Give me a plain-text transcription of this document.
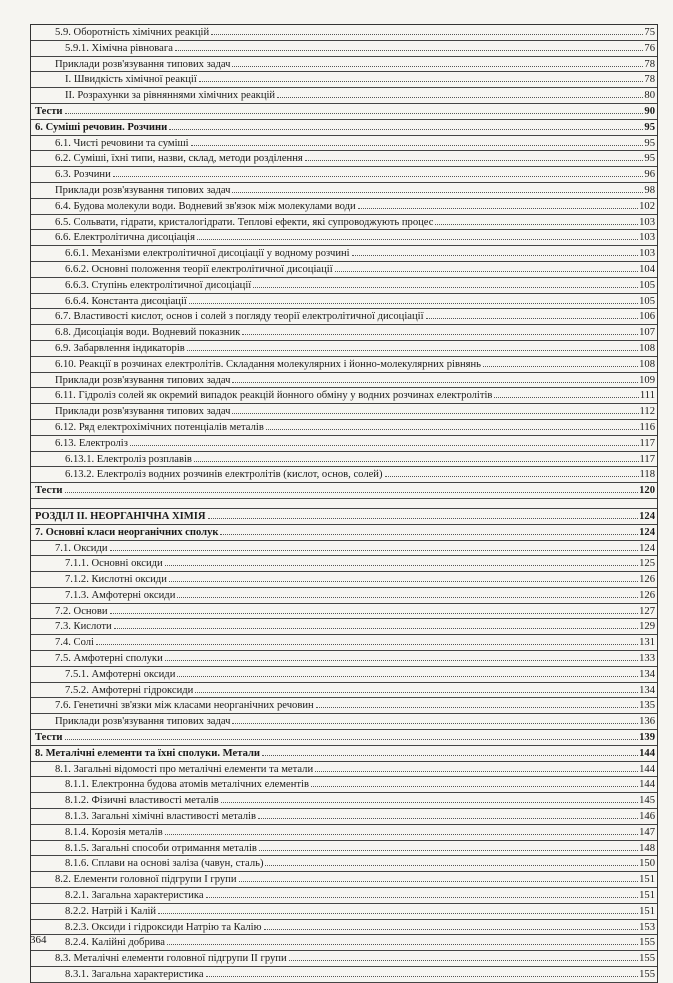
5.9. Оборотність хімічних реакцій	75
5.9.1. Хімічна рівновага	76
Приклади розв'язування типових задач	78
I. Швидкість хімічної реакції	78
II. Розрахунки за рівняннями хімічних реакцій	80
Тести	90
6. Суміші речовин. Розчини	95
6.1. Чисті речовини та суміші	95
6.2. Суміші, їхні типи, назви, склад, методи розділення	95
6.3. Розчини	96
Приклади розв'язування типових задач	98
6.4. Будова молекули води. Водневий зв'язок між молекулами води	102
6.5. Сольвати, гідрати, кристалогідрати. Теплові ефекти, які супроводжують процес	103
6.6. Електролітична дисоціація	103
6.6.1. Механізми електролітичної дисоціації у водному розчині	103
6.6.2. Основні положення теорії електролітичної дисоціації	104
6.6.3. Ступінь електролітичної дисоціації	105
6.6.4. Константа дисоціації	105
6.7. Властивості кислот, основ і солей з погляду теорії електролітичної дисоціації	106
6.8. Дисоціація води. Водневий показник	107
6.9. Забарвлення індикаторів	108
6.10. Реакції в розчинах електролітів. Складання молекулярних і йонно-молекулярних рівнянь	108
Приклади розв'язування типових задач	109
6.11. Гідроліз солей як окремий випадок реакцій йонного обміну у водних розчинах електролітів	111
Приклади розв'язування типових задач	112
6.12. Ряд електрохімічних потенціалів металів	116
6.13. Електроліз	117
6.13.1. Електроліз розплавів	117
6.13.2. Електроліз водних розчинів електролітів (кислот, основ, солей)	118
Тести	120
РОЗДІЛ II. НЕОРГАНІЧНА ХІМІЯ	124
7. Основні класи неорганічних сполук	124
7.1. Оксиди	124
7.1.1. Основні оксиди	125
7.1.2. Кислотні оксиди	126
7.1.3. Амфотерні оксиди	126
7.2. Основи	127
7.3. Кислоти	129
7.4. Солі	131
7.5. Амфотерні сполуки	133
7.5.1. Амфотерні оксиди	134
7.5.2. Амфотерні гідроксиди	134
7.6. Генетичні зв'язки між класами неорганічних речовин	135
Приклади розв'язування типових задач	136
Тести	139
8. Металічні елементи та їхні сполуки. Метали	144
8.1. Загальні відомості про металічні елементи та метали	144
8.1.1. Електронна будова атомів металічних елементів	144
8.1.2. Фізичні властивості металів	145
8.1.3. Загальні хімічні властивості металів	146
8.1.4. Корозія металів	147
8.1.5. Загальні способи отримання металів	148
8.1.6. Сплави на основі заліза (чавун, сталь)	150
8.2. Елементи головної підгрупи I групи	151
8.2.1. Загальна характеристика	151
8.2.2. Натрій і Калій	151
8.2.3. Оксиди і гідроксиди Натрію та Калію	153
8.2.4. Калійні добрива	155
8.3. Металічні елементи головної підгрупи II групи	155
8.3.1. Загальна характеристика	155
364
